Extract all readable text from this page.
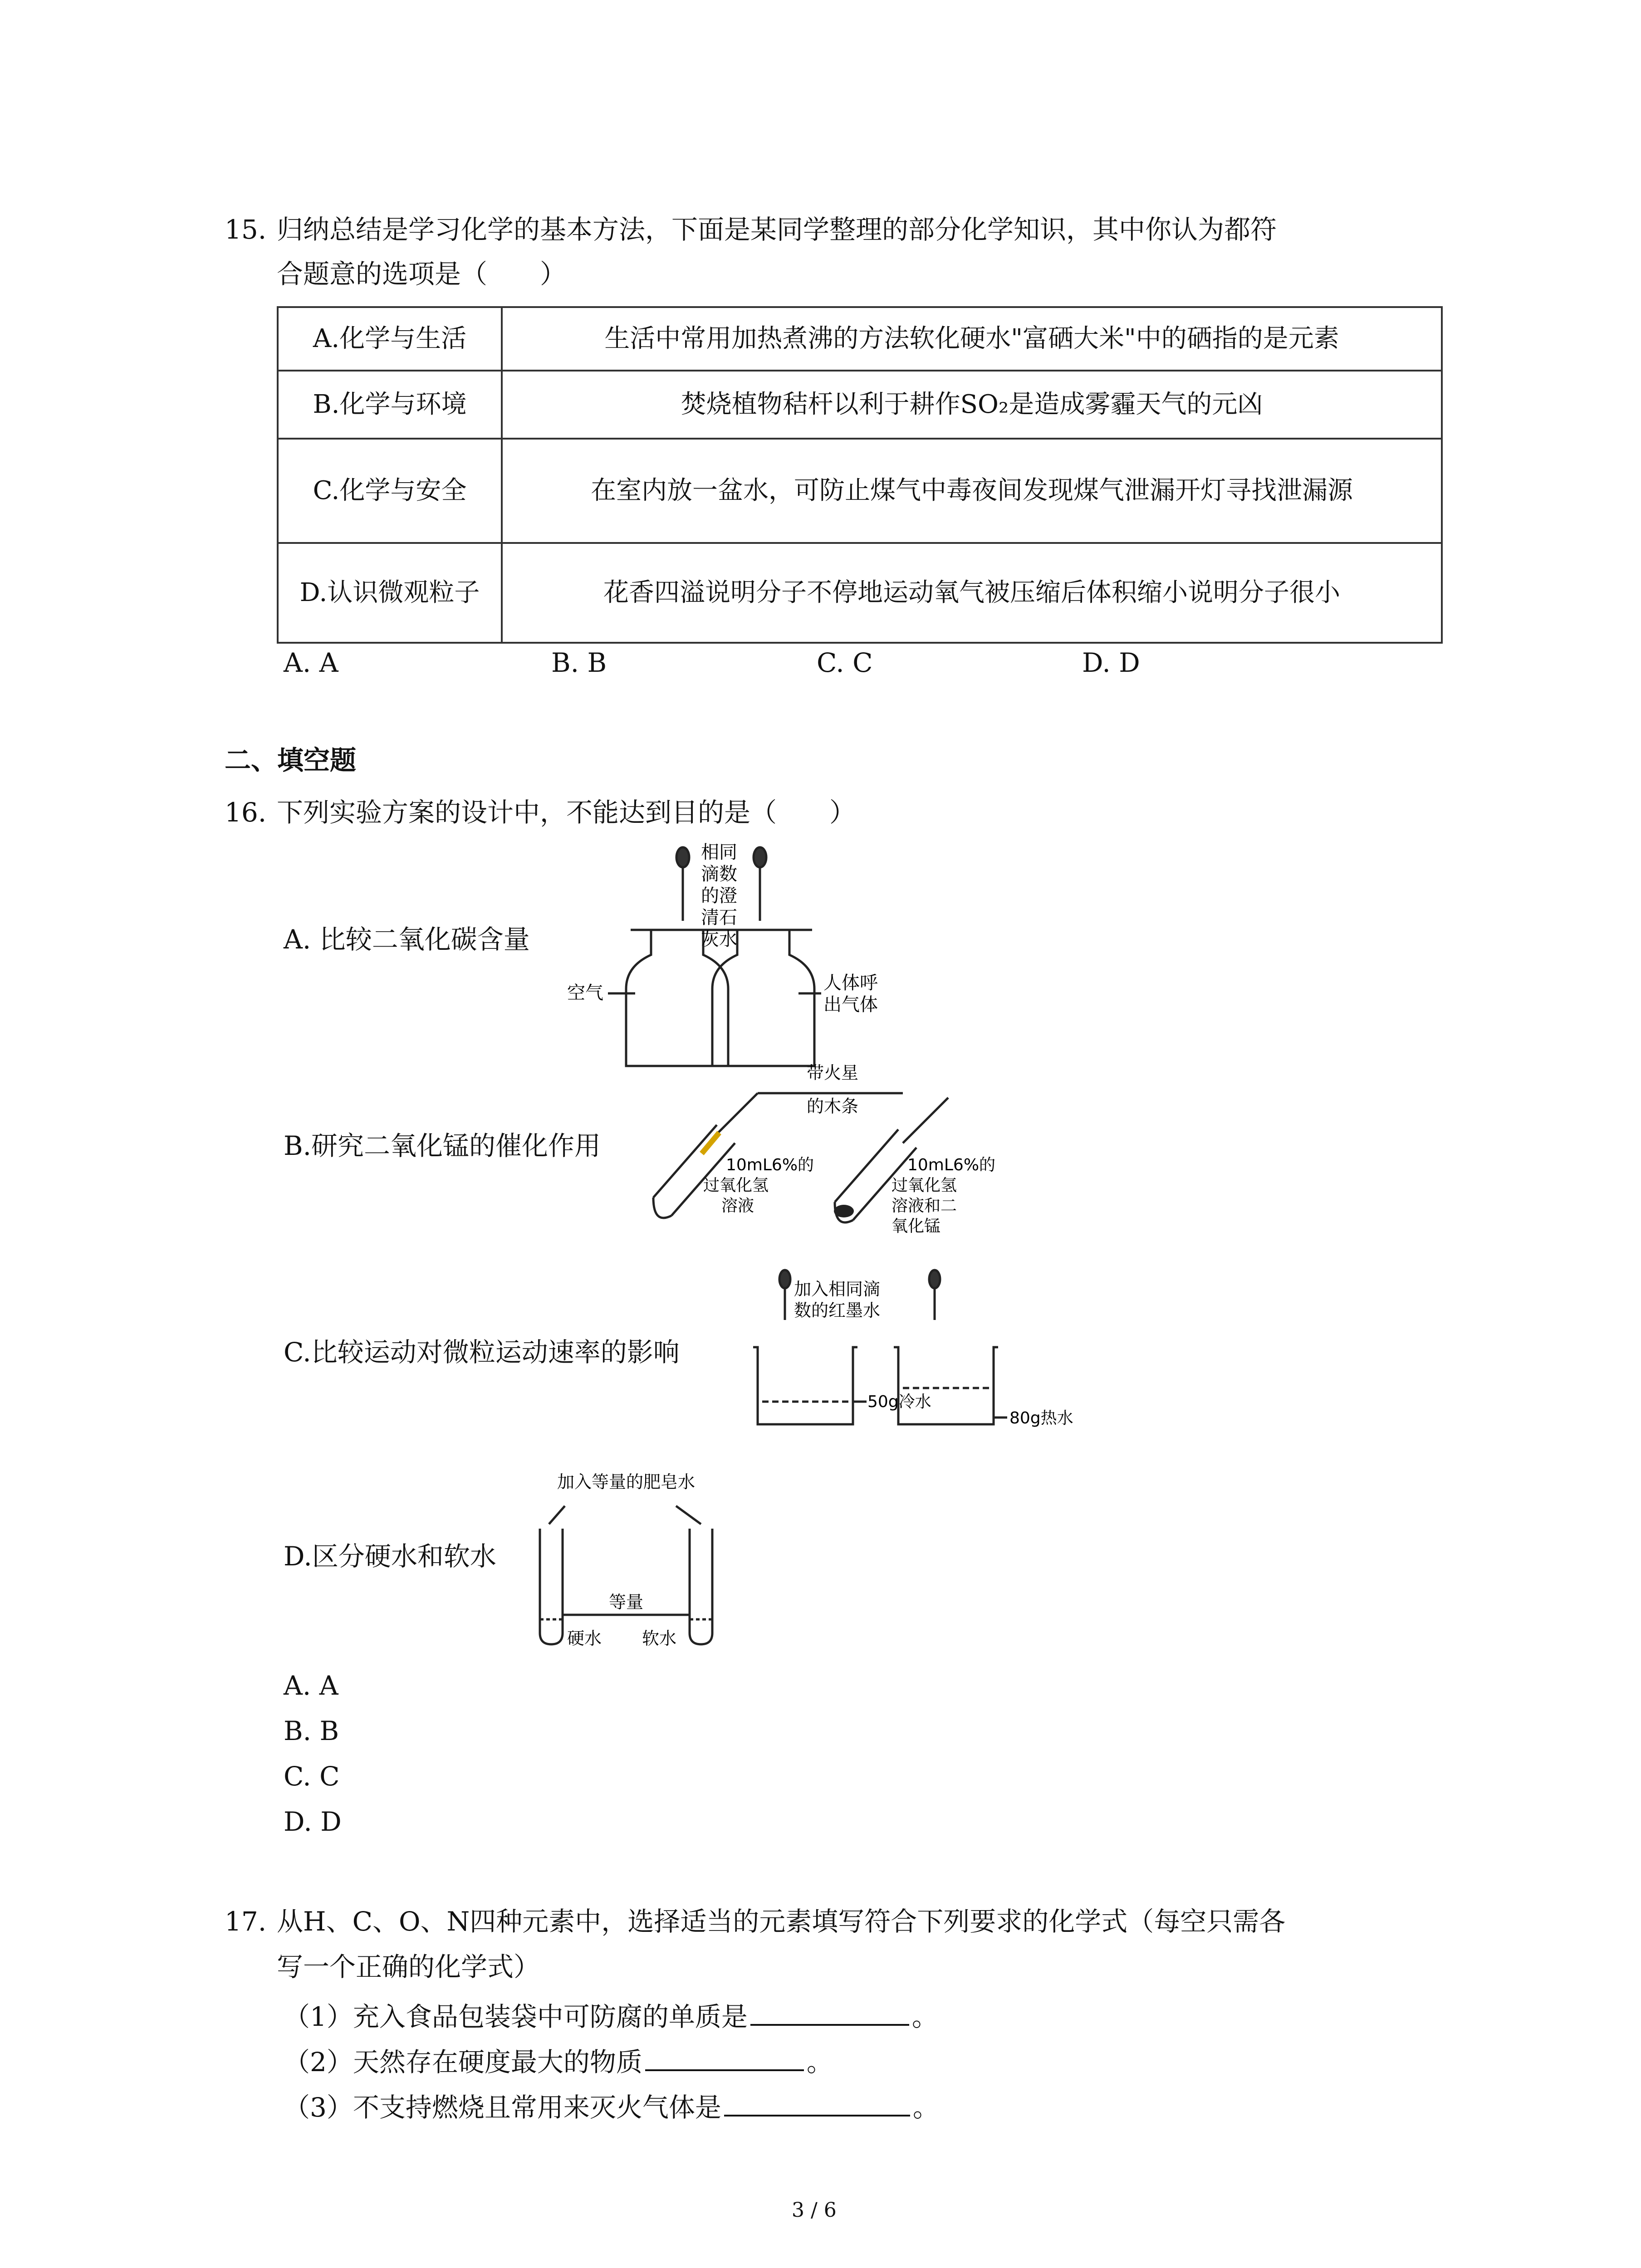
15. 归纳总结是学习化学的基本方法，下面是某同学整理的部分化学知识，其中你认为都符
合题意的选项是（　　）
A.化学与生活	生活中常用加热煮沸的方法软化硬水"富硒大米"中的硒指的是元素
B.化学与环境	焚烧植物秸杆以利于耕作SO₂是造成雾霾天气的元凶
C.化学与安全	在室内放一盆水，可防止煤气中毒夜间发现煤气泄漏开灯寻找泄漏源
D.认识微观粒子	花香四溢说明分子不停地运动氧气被压缩后体积缩小说明分子很小
A. A	B. B	C. C	D. D
二、填空题
16. 下列实验方案的设计中，不能达到目的是（　　）
A. 比较二氧化碳含量
相同
滴数
的澄
清石
灰水
空气	人体呼
出气体
B.研究二氧化锰的催化作用
带火星
的木条
10mL6%的
过氧化氢
溶液
10mL6%的
过氧化氢
溶液和二
氧化锰
C.比较运动对微粒运动速率的影响
加入相同滴
数的红墨水
50g冷水
80g热水
D.区分硬水和软水
加入等量的肥皂水
等量
硬水 软水
A. A
B. B
C. C
D. D
17. 从H、C、O、N四种元素中，选择适当的元素填写符合下列要求的化学式（每空只需各
写一个正确的化学式）
（1）充入食品包装袋中可防腐的单质是	。
（2）天然存在硬度最大的物质	。
（3）不支持燃烧且常用来灭火气体是	。
3 / 6
